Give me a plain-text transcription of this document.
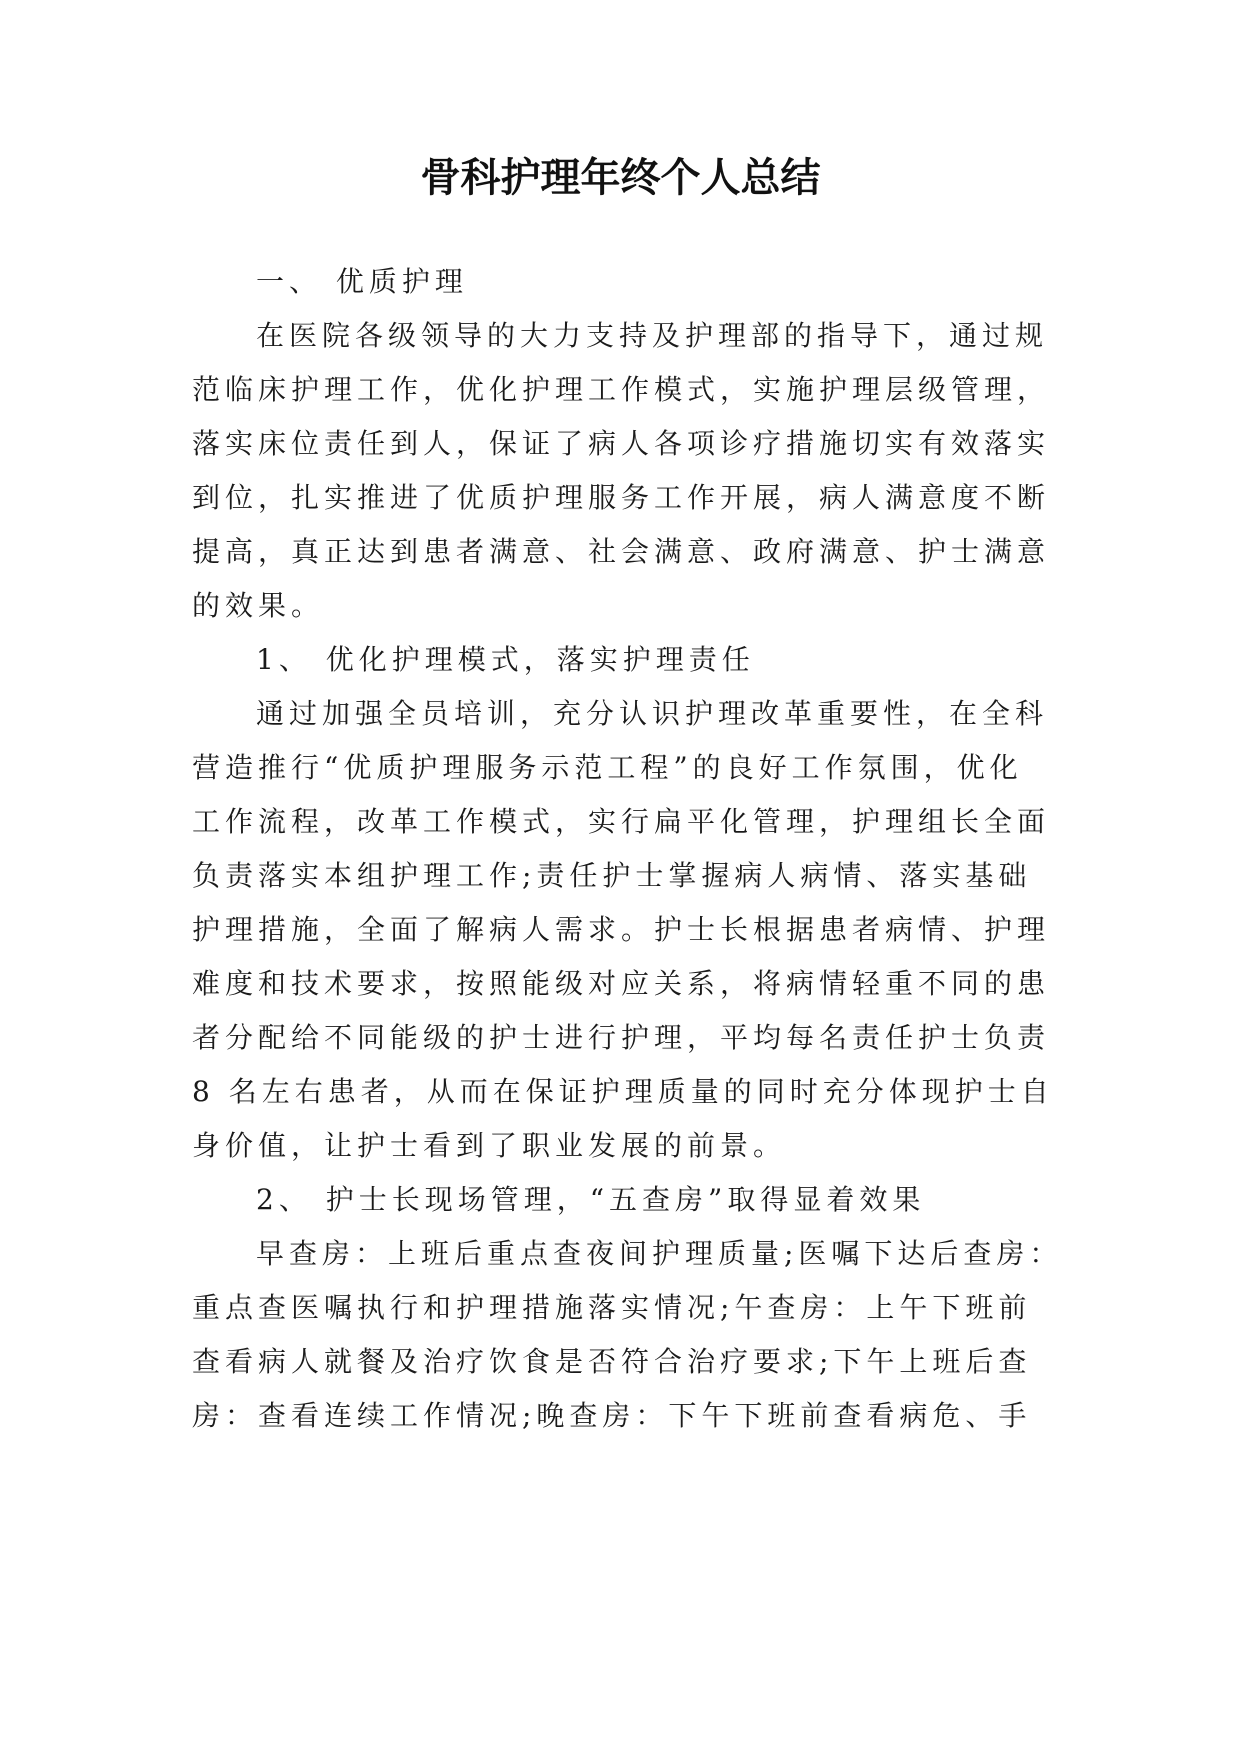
骨科护理年终个人总结

一、 优质护理

在医院各级领导的大力支持及护理部的指导下，通过规

范临床护理工作，优化护理工作模式，实施护理层级管理，

落实床位责任到人，保证了病人各项诊疗措施切实有效落实

到位，扎实推进了优质护理服务工作开展，病人满意度不断

提高，真正达到患者满意、社会满意、政府满意、护士满意

的效果。

1、 优化护理模式，落实护理责任

通过加强全员培训，充分认识护理改革重要性，在全科

营造推行“优质护理服务示范工程”的良好工作氛围，优化

工作流程，改革工作模式，实行扁平化管理，护理组长全面

负责落实本组护理工作;责任护士掌握病人病情、落实基础

护理措施，全面了解病人需求。护士长根据患者病情、护理

难度和技术要求，按照能级对应关系，将病情轻重不同的患

者分配给不同能级的护士进行护理，平均每名责任护士负责

8 名左右患者，从而在保证护理质量的同时充分体现护士自

身价值，让护士看到了职业发展的前景。

2、 护士长现场管理，“五查房”取得显着效果

早查房：上班后重点查夜间护理质量;医嘱下达后查房：

重点查医嘱执行和护理措施落实情况;午查房：上午下班前

查看病人就餐及治疗饮食是否符合治疗要求;下午上班后查

房：查看连续工作情况;晚查房：下午下班前查看病危、手
